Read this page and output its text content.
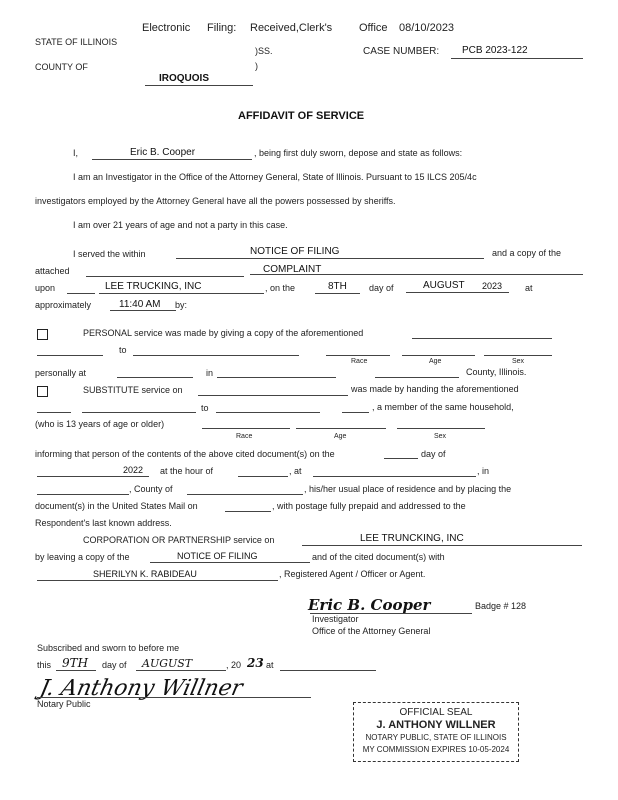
Electronic Filing: Received,Clerk's Office 08/10/2023
STATE OF ILLINOIS
)SS.	CASE NUMBER: PCB 2023-122
COUNTY OF	)
IROQUOIS
AFFIDAVIT OF SERVICE
I,	Eric B. Cooper	, being first duly sworn, depose and state as follows:
I am an Investigator in the Office of the Attorney General, State of Illinois. Pursuant to 15 ILCS 205/4c
investigators employed by the Attorney General have all the powers possessed by sheriffs.
I am over 21 years of age and not a party in this case.
I served the within	NOTICE OF FILING	and a copy of the
attached	COMPLAINT
upon	LEE TRUCKING, INC	, on the	8TH day of	AUGUST 2023	at
approximately	11:40 AM by:
PERSONAL service was made by giving a copy of the aforementioned
to
Race	Age	Sex
personally at	in	County, Illinois.
SUBSTITUTE service on	was made by handing the aforementioned
to	, a member of the same household,
(who is 13 years of age or older)
Race	Age	Sex
informing that person of the contents of the above cited document(s) on the	day of
2022 at the hour of	, at	, in
, County of	, his/her usual place of residence and by placing the
document(s) in the United States Mail on	, with postage fully prepaid and addressed to the
Respondent's last known address.
CORPORATION OR PARTNERSHIP service on	LEE TRUNCKING, INC
by leaving a copy of the	NOTICE OF FILING	and of the cited document(s) with
SHERILYN K. RABIDEAU	, Registered Agent / Officer or Agent.
Eric B. Cooper	Badge # 128
Investigator
Office of the Attorney General
Subscribed and sworn to before me
this 9TH day of AUGUST	, 20 23 at
J. Anthony Willner
Notary Public
OFFICIAL SEAL
J. ANTHONY WILLNER
NOTARY PUBLIC, STATE OF ILLINOIS
MY COMMISSION EXPIRES 10-05-2024
